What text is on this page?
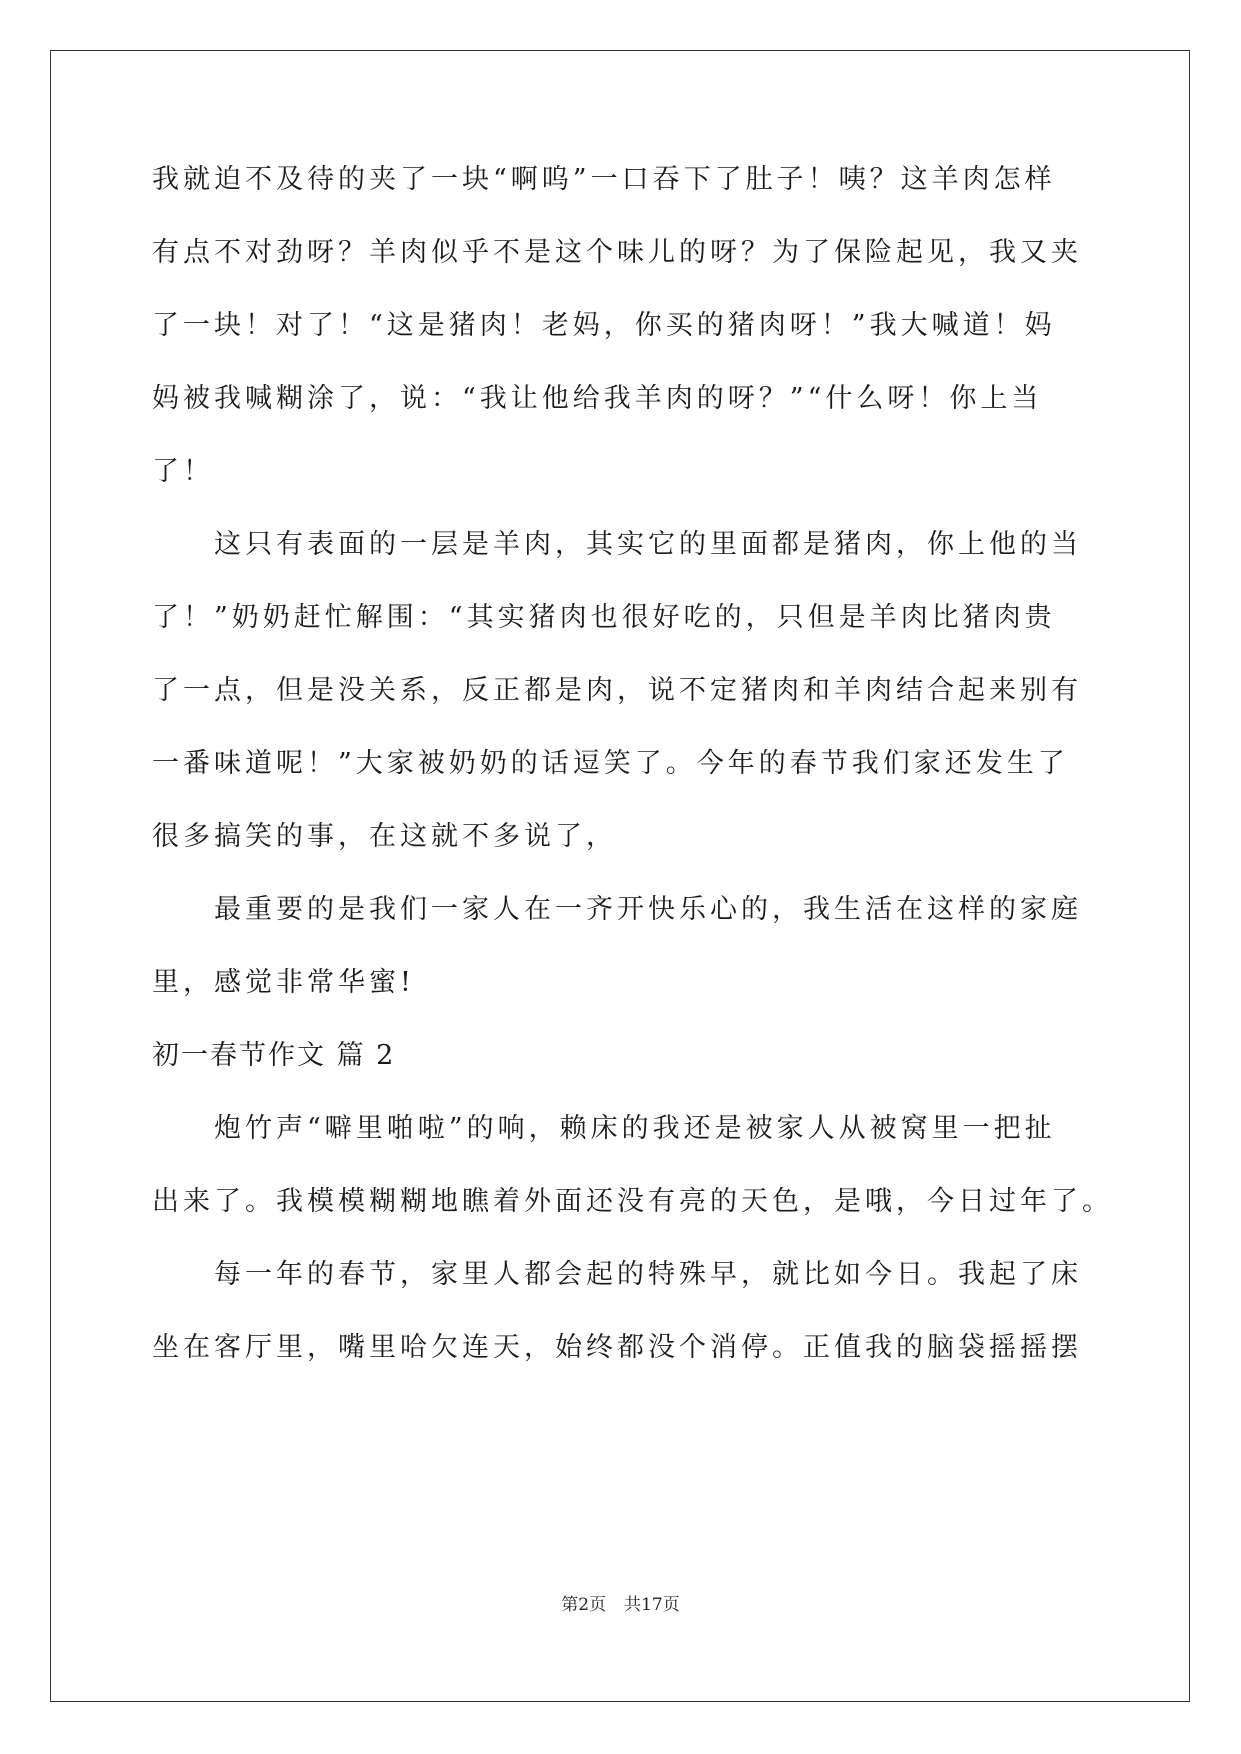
我就迫不及待的夹了一块“啊呜”一口吞下了肚子！咦？这羊肉怎样
有点不对劲呀？羊肉似乎不是这个味儿的呀？为了保险起见，我又夹
了一块！对了！“这是猪肉！老妈，你买的猪肉呀！”我大喊道！妈
妈被我喊糊涂了，说：“我让他给我羊肉的呀？”“什么呀！你上当
了！
　　这只有表面的一层是羊肉，其实它的里面都是猪肉，你上他的当
了！”奶奶赶忙解围：“其实猪肉也很好吃的，只但是羊肉比猪肉贵
了一点，但是没关系，反正都是肉，说不定猪肉和羊肉结合起来别有
一番味道呢！”大家被奶奶的话逗笑了。今年的春节我们家还发生了
很多搞笑的事，在这就不多说了，
　　最重要的是我们一家人在一齐开快乐心的，我生活在这样的家庭
里，感觉非常华蜜!
初一春节作文 篇 2
　　炮竹声“噼里啪啦”的响，赖床的我还是被家人从被窝里一把扯
出来了。我模模糊糊地瞧着外面还没有亮的天色，是哦，今日过年了。
　　每一年的春节，家里人都会起的特殊早，就比如今日。我起了床
坐在客厅里，嘴里哈欠连天，始终都没个消停。正值我的脑袋摇摇摆
第2页 共17页
